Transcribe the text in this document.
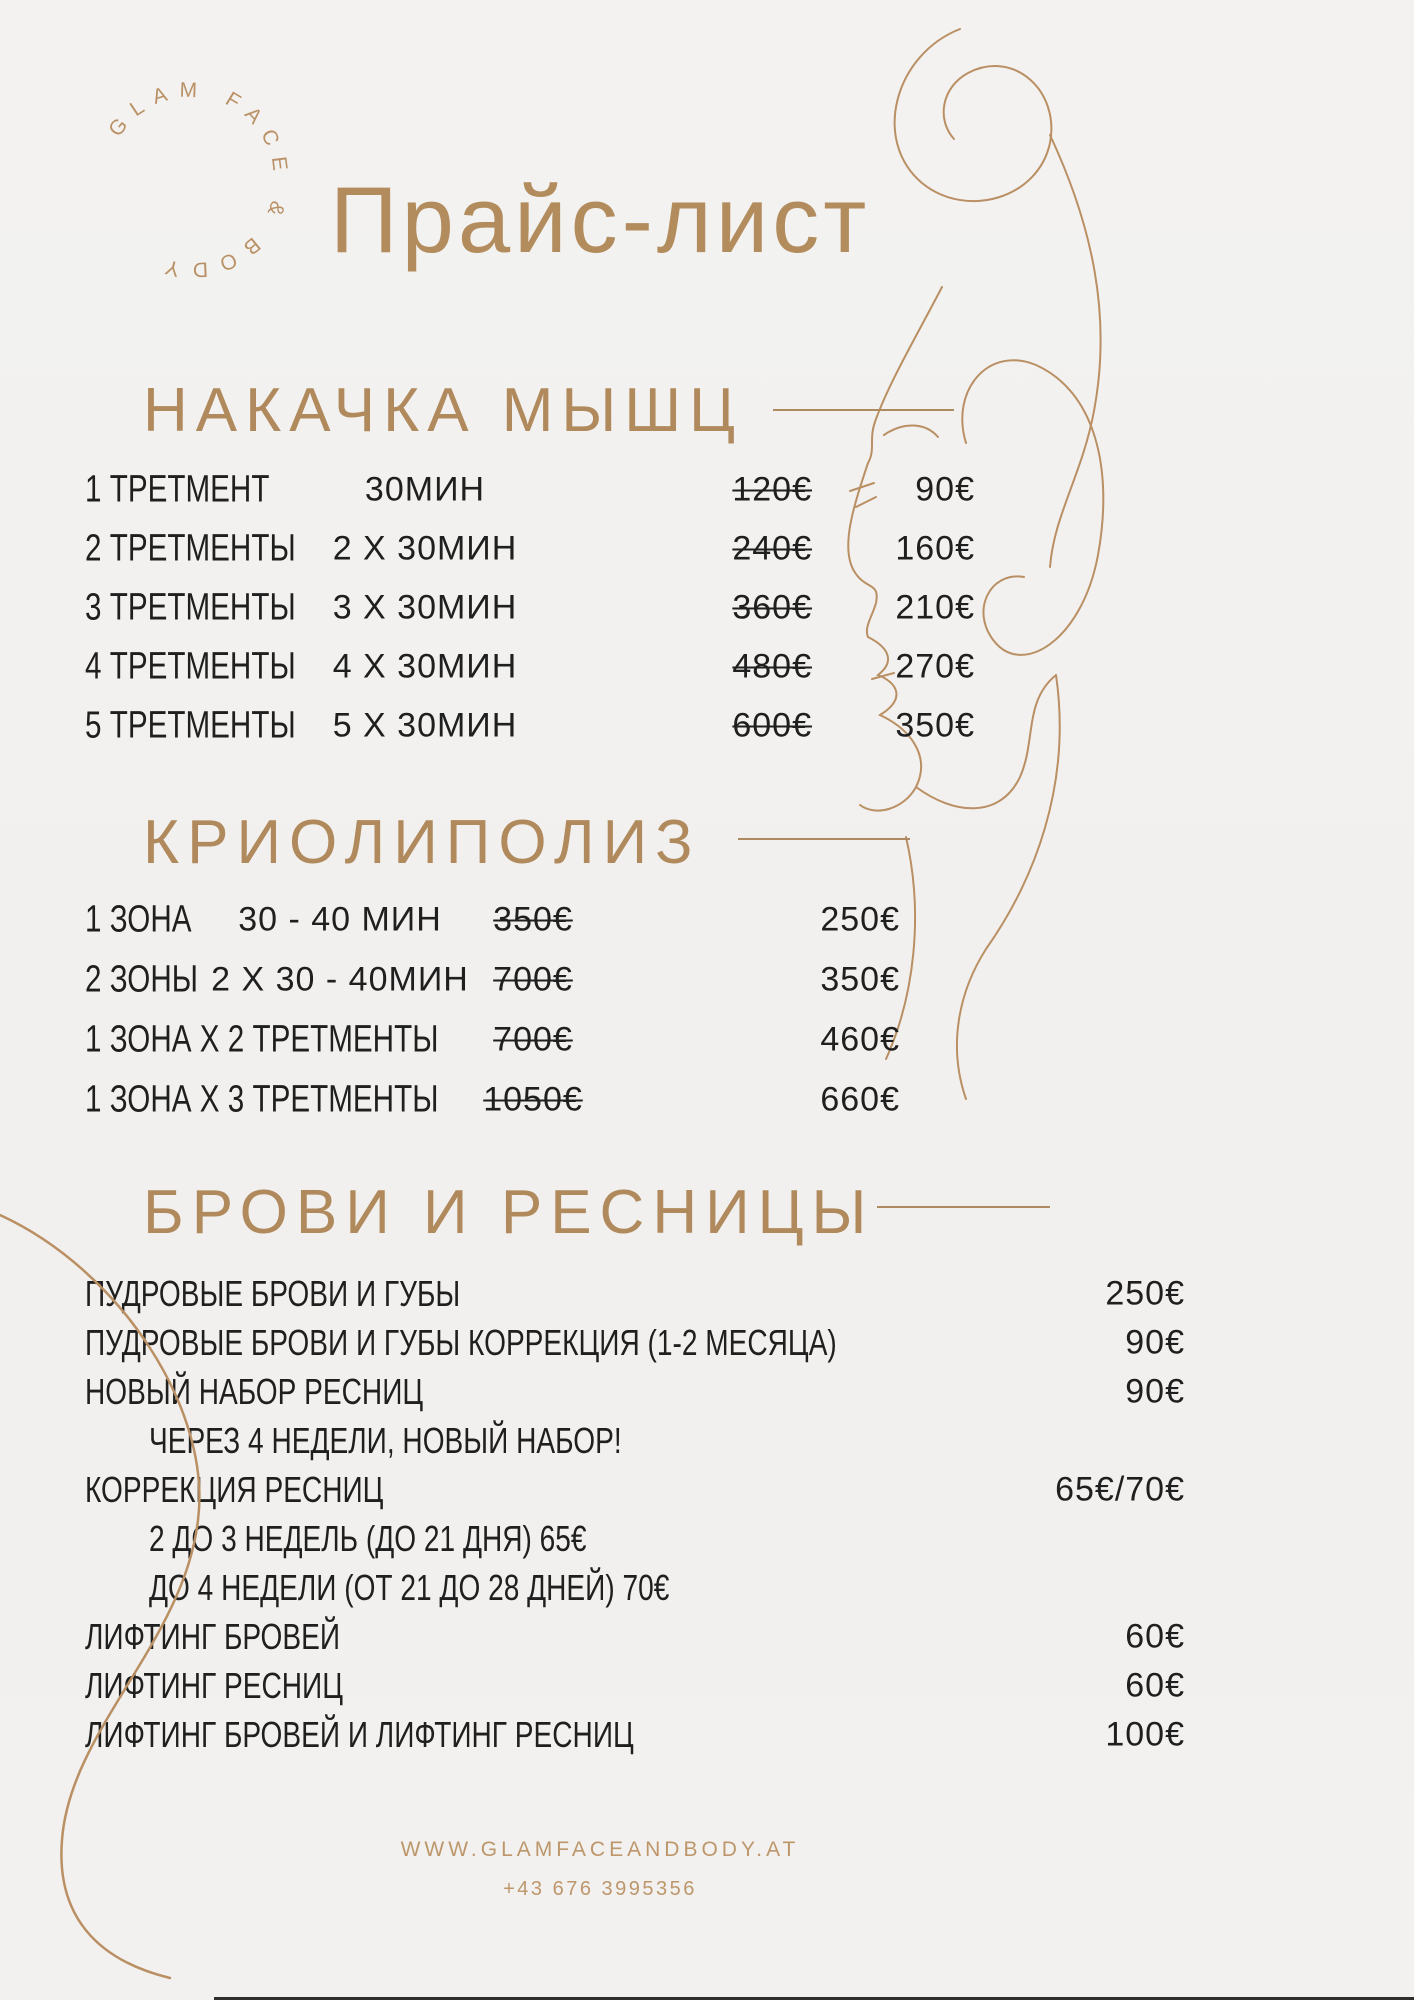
GLAM FACE & BODY	Прайс-лист
НАКАЧКА МЫШЦ
1 ТРЕТМЕНТ	30МИН	120€	90€
2 ТРЕТМЕНТЫ	2 X 30МИН	240€	160€
3 ТРЕТМЕНТЫ	3 X 30МИН	360€	210€
4 ТРЕТМЕНТЫ	4 X 30МИН	480€	270€
5 ТРЕТМЕНТЫ	5 X 30МИН	600€	350€
КРИОЛИПОЛИЗ
1 ЗОНА	30 - 40 МИН	350€	250€
2 ЗОНЫ 2 X 30 - 40МИН 700€	350€
1 ЗОНА X 2 ТРЕТМЕНТЫ	700€	460€
1 ЗОНА X 3 ТРЕТМЕНТЫ	1050€	660€
БРОВИ И РЕСНИЦЫ
ПУДРОВЫЕ БРОВИ И ГУБЫ	250€
ПУДРОВЫЕ БРОВИ И ГУБЫ КОРРЕКЦИЯ (1-2 МЕСЯЦА)	90€
НОВЫЙ НАБОР РЕСНИЦ	90€
ЧЕРЕЗ 4 НЕДЕЛИ, НОВЫЙ НАБОР!
КОРРЕКЦИЯ РЕСНИЦ	65€/70€
2 ДО 3 НЕДЕЛЬ (ДО 21 ДНЯ) 65€
ДО 4 НЕДЕЛИ (ОТ 21 ДО 28 ДНЕЙ) 70€
ЛИФТИНГ БРОВЕЙ	60€
ЛИФТИНГ РЕСНИЦ	60€
ЛИФТИНГ БРОВЕЙ И ЛИФТИНГ РЕСНИЦ	100€
WWW.GLAMFACEANDBODY.AT
+43 676 3995356
